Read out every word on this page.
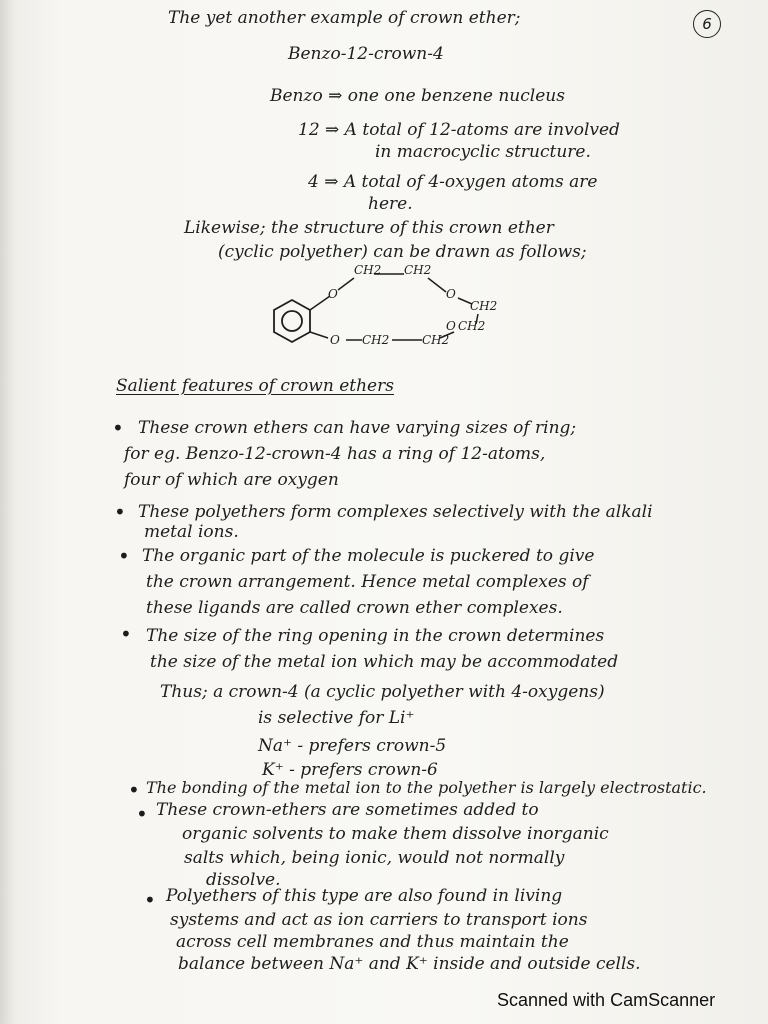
6
The yet another example of crown ether;
Benzo-12-crown-4
Benzo ⇒ one one benzene nucleus
12 ⇒ A total of 12-atoms are involved
in macrocyclic structure.
4 ⇒ A total of 4-oxygen atoms are
here.
Likewise; the structure of this crown ether
(cyclic polyether) can be drawn as follows;
CH2 CH2
O	O
CH2
O CH2
O CH2	CH2
Salient features of crown ethers
• These crown ethers can have varying sizes of ring;
for eg. Benzo-12-crown-4 has a ring of 12-atoms,
four of which are oxygen
• These polyethers form complexes selectively with the alkali
metal ions.
• The organic part of the molecule is puckered to give
the crown arrangement. Hence metal complexes of
these ligands are called crown ether complexes.
• The size of the ring opening in the crown determines
the size of the metal ion which may be accommodated
Thus; a crown-4 (a cyclic polyether with 4-oxygens)
is selective for Li⁺
Na⁺ - prefers crown-5
K⁺ - prefers crown-6
• The bonding of the metal ion to the polyether is largely electrostatic.
• These crown-ethers are sometimes added to
organic solvents to make them dissolve inorganic
salts which, being ionic, would not normally
dissolve.
• Polyethers of this type are also found in living
systems and act as ion carriers to transport ions
across cell membranes and thus maintain the
balance between Na⁺ and K⁺ inside and outside cells.
Scanned with CamScanner
